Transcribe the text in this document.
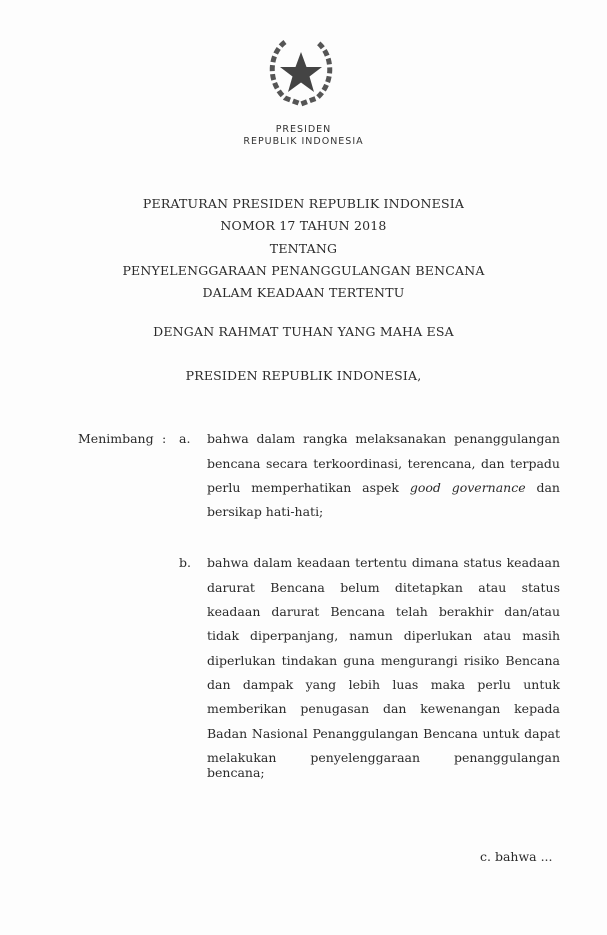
PRESIDEN
REPUBLIK INDONESIA
PERATURAN PRESIDEN REPUBLIK INDONESIA
NOMOR 17 TAHUN 2018
TENTANG
PENYELENGGARAAN PENANGGULANGAN BENCANA
DALAM KEADAAN TERTENTU
DENGAN RAHMAT TUHAN YANG MAHA ESA
PRESIDEN REPUBLIK INDONESIA,
Menimbang : a. bahwa dalam rangka melaksanakan penanggulangan
bencana secara terkoordinasi, terencana, dan terpadu
perlu memperhatikan aspek good governance dan
bersikap hati-hati;
b. bahwa dalam keadaan tertentu dimana status keadaan
darurat Bencana belum ditetapkan atau status
keadaan darurat Bencana telah berakhir dan/atau
tidak diperpanjang, namun diperlukan atau masih
diperlukan tindakan guna mengurangi risiko Bencana
dan dampak yang lebih luas maka perlu untuk
memberikan penugasan dan kewenangan kepada
Badan Nasional Penanggulangan Bencana untuk dapat
melakukan penyelenggaraan penanggulangan bencana;
c. bahwa ...
